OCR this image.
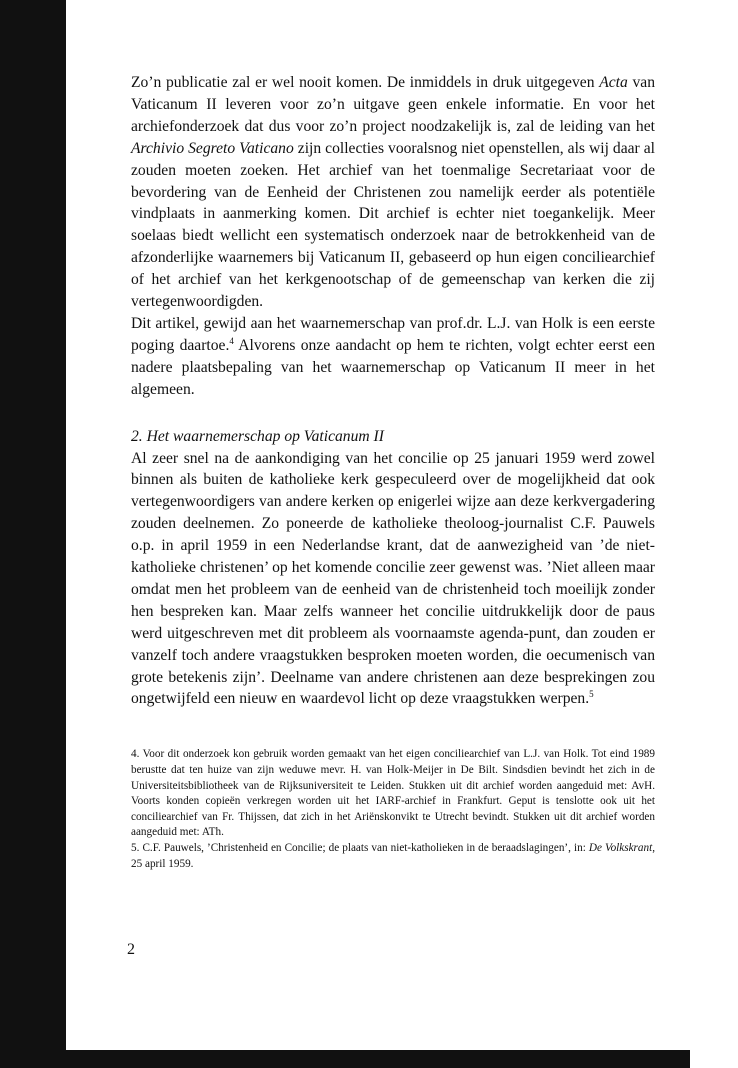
Zo’n publicatie zal er wel nooit komen. De inmiddels in druk uitgegeven Acta van Vaticanum II leveren voor zo’n uitgave geen enkele informatie. En voor het archiefonderzoek dat dus voor zo’n project noodzakelijk is, zal de leiding van het Archivio Segreto Vaticano zijn collecties vooralsnog niet openstellen, als wij daar al zouden moeten zoeken. Het archief van het toenmalige Secretariaat voor de bevordering van de Eenheid der Christenen zou namelijk eerder als potentiële vindplaats in aanmerking komen. Dit archief is echter niet toegankelijk. Meer soelaas biedt wellicht een systematisch onderzoek naar de betrokkenheid van de afzonderlijke waarnemers bij Vaticanum II, gebaseerd op hun eigen conciliearchief of het archief van het kerkgenootschap of de gemeenschap van kerken die zij vertegenwoordigden.

Dit artikel, gewijd aan het waarnemerschap van prof.dr. L.J. van Holk is een eerste poging daartoe.$^4$ Alvorens onze aandacht op hem te richten, volgt echter eerst een nadere plaatsbepaling van het waarnemerschap op Vaticanum II meer in het algemeen.

2. Het waarnemerschap op Vaticanum II

Al zeer snel na de aankondiging van het concilie op 25 januari 1959 werd zowel binnen als buiten de katholieke kerk gespeculeerd over de mogelijkheid dat ook vertegenwoordigers van andere kerken op enigerlei wijze aan deze kerkvergadering zouden deelnemen. Zo poneerde de katholieke theoloog-journalist C.F. Pauwels o.p. in april 1959 in een Nederlandse krant, dat de aanwezigheid van ’de niet-katholieke christenen’ op het komende concilie zeer gewenst was. ’Niet alleen maar omdat men het probleem van de eenheid van de christenheid toch moeilijk zonder hen bespreken kan. Maar zelfs wanneer het concilie uitdrukkelijk door de paus werd uitgeschreven met dit probleem als voornaamste agenda-punt, dan zouden er vanzelf toch andere vraagstukken besproken moeten worden, die oecumenisch van grote betekenis zijn’. Deelname van andere christenen aan deze besprekingen zou ongetwijfeld een nieuw en waardevol licht op deze vraagstukken werpen.$^5$

4. Voor dit onderzoek kon gebruik worden gemaakt van het eigen conciliearchief van L.J. van Holk. Tot eind 1989 berustte dat ten huize van zijn weduwe mevr. H. van Holk-Meijer in De Bilt. Sindsdien bevindt het zich in de Universiteitsbibliotheek van de Rijksuniversiteit te Leiden. Stukken uit dit archief worden aangeduid met: AvH. Voorts konden copieën verkregen worden uit het IARF-archief in Frankfurt. Geput is tenslotte ook uit het conciliearchief van Fr. Thijssen, dat zich in het Ariënskonvikt te Utrecht bevindt. Stukken uit dit archief worden aangeduid met: ATh.

5. C.F. Pauwels, ’Christenheid en Concilie; de plaats van niet-katholieken in de beraadslagingen’, in: De Volkskrant, 25 april 1959.

2
